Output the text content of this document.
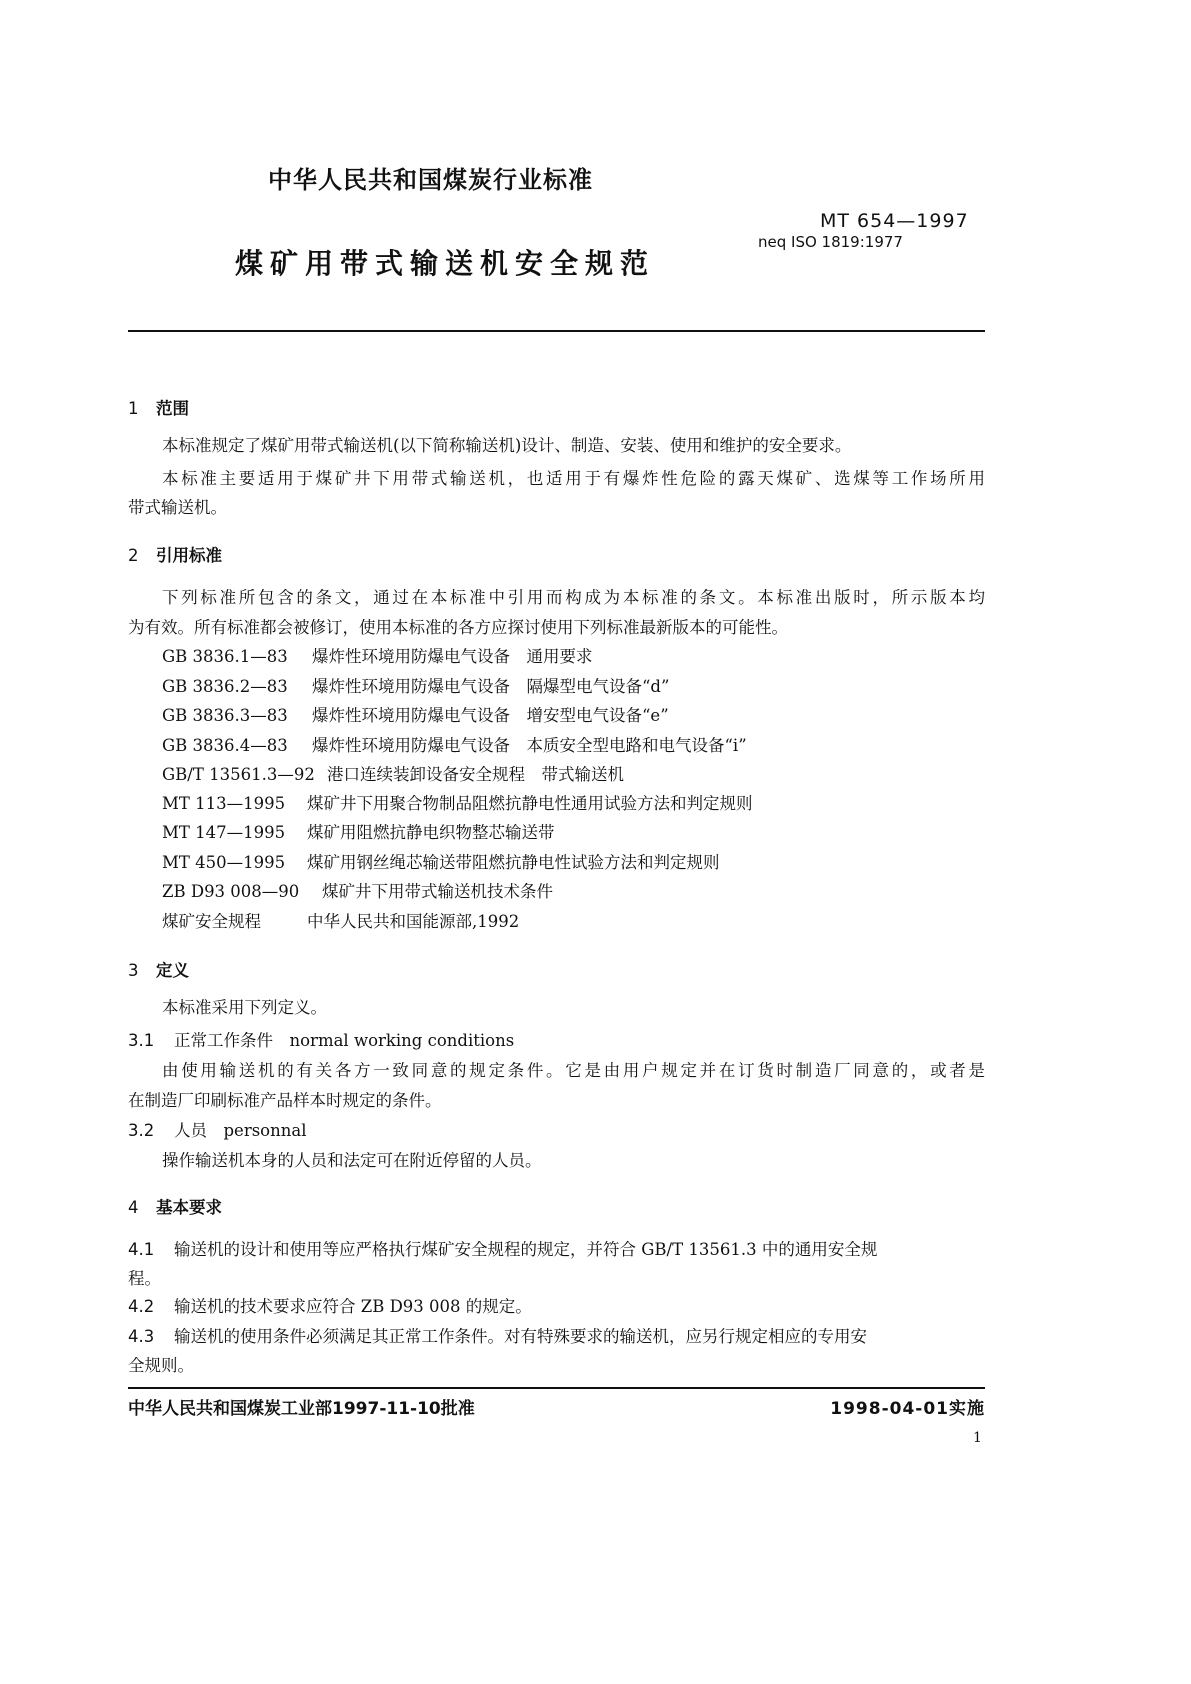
中华人民共和国煤炭行业标准
MT 654—1997
neq ISO 1819:1977
煤矿用带式输送机安全规范
1 范围
本标准规定了煤矿用带式输送机(以下简称输送机)设计、制造、安装、使用和维护的安全要求。
本标准主要适用于煤矿井下用带式输送机，也适用于有爆炸性危险的露天煤矿、选煤等工作场所用
带式输送机。
2 引用标准
下列标准所包含的条文，通过在本标准中引用而构成为本标准的条文。本标准出版时，所示版本均
为有效。所有标准都会被修订，使用本标准的各方应探讨使用下列标准最新版本的可能性。
GB 3836.1—83 爆炸性环境用防爆电气设备　通用要求
GB 3836.2—83 爆炸性环境用防爆电气设备　隔爆型电气设备“d”
GB 3836.3—83 爆炸性环境用防爆电气设备　增安型电气设备“e”
GB 3836.4—83 爆炸性环境用防爆电气设备　本质安全型电路和电气设备“i”
GB/T 13561.3—92 港口连续装卸设备安全规程　带式输送机
MT 113—1995 煤矿井下用聚合物制品阻燃抗静电性通用试验方法和判定规则
MT 147—1995 煤矿用阻燃抗静电织物整芯输送带
MT 450—1995 煤矿用钢丝绳芯输送带阻燃抗静电性试验方法和判定规则
ZB D93 008—90 煤矿井下用带式输送机技术条件
煤矿安全规程	中华人民共和国能源部,1992
3 定义
本标准采用下列定义。
3.1 正常工作条件　normal working conditions
由使用输送机的有关各方一致同意的规定条件。它是由用户规定并在订货时制造厂同意的，或者是
在制造厂印刷标准产品样本时规定的条件。
3.2 人员　personnal
操作输送机本身的人员和法定可在附近停留的人员。
4 基本要求
4.1 输送机的设计和使用等应严格执行煤矿安全规程的规定，并符合 GB/T 13561.3 中的通用安全规
程。
4.2 输送机的技术要求应符合 ZB D93 008 的规定。
4.3 输送机的使用条件必须满足其正常工作条件。对有特殊要求的输送机，应另行规定相应的专用安
全规则。
中华人民共和国煤炭工业部1997-11-10批准	1998-04-01实施
1
